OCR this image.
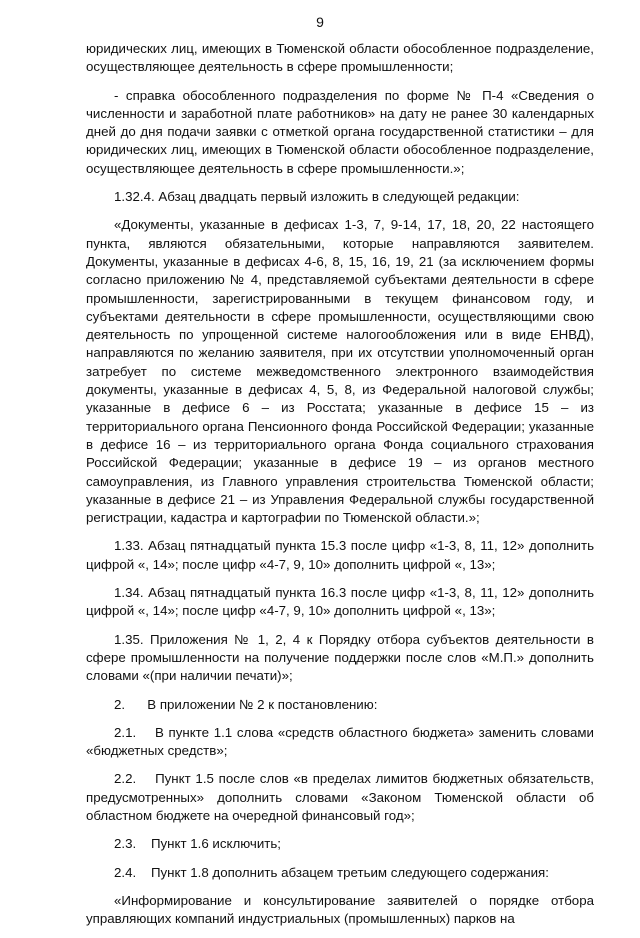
9

юридических лиц, имеющих в Тюменской области обособленное подразделение, осуществляющее деятельность в сфере промышленности;

- справка обособленного подразделения по форме № П-4 «Сведения о численности и заработной плате работников» на дату не ранее 30 календарных дней до дня подачи заявки с отметкой органа государственной статистики – для юридических лиц, имеющих в Тюменской области обособленное подразделение, осуществляющее деятельность в сфере промышленности.»;

1.32.4. Абзац двадцать первый изложить в следующей редакции:

«Документы, указанные в дефисах 1-3, 7, 9-14, 17, 18, 20, 22 настоящего пункта, являются обязательными, которые направляются заявителем. Документы, указанные в дефисах 4-6, 8, 15, 16, 19, 21 (за исключением формы согласно приложению № 4, представляемой субъектами деятельности в сфере промышленности, зарегистрированными в текущем финансовом году, и субъектами деятельности в сфере промышленности, осуществляющими свою деятельность по упрощенной системе налогообложения или в виде ЕНВД), направляются по желанию заявителя, при их отсутствии уполномоченный орган затребует по системе межведомственного электронного взаимодействия документы, указанные в дефисах 4, 5, 8, из Федеральной налоговой службы; указанные в дефисе 6 – из Росстата; указанные в дефисе 15 – из территориального органа Пенсионного фонда Российской Федерации; указанные в дефисе 16 – из территориального органа Фонда социального страхования Российской Федерации; указанные в дефисе 19 – из органов местного самоуправления, из Главного управления строительства Тюменской области; указанные в дефисе 21 – из Управления Федеральной службы государственной регистрации, кадастра и картографии по Тюменской области.»;

1.33. Абзац пятнадцатый пункта 15.3 после цифр «1-3, 8, 11, 12» дополнить цифрой «, 14»; после цифр «4-7, 9, 10» дополнить цифрой «, 13»;

1.34. Абзац пятнадцатый пункта 16.3 после цифр «1-3, 8, 11, 12» дополнить цифрой «, 14»; после цифр «4-7, 9, 10» дополнить цифрой «, 13»;

1.35. Приложения № 1, 2, 4 к Порядку отбора субъектов деятельности в сфере промышленности на получение поддержки после слов «М.П.» дополнить словами «(при наличии печати)»;

2.      В приложении № 2 к постановлению:

2.1.    В пункте 1.1 слова «средств областного бюджета» заменить словами «бюджетных средств»;

2.2.    Пункт 1.5 после слов «в пределах лимитов бюджетных обязательств, предусмотренных» дополнить словами «Законом Тюменской области об областном бюджете на очередной финансовый год»;

2.3.    Пункт 1.6 исключить;

2.4.    Пункт 1.8 дополнить абзацем третьим следующего содержания:

«Информирование и консультирование заявителей о порядке отбора управляющих компаний индустриальных (промышленных) парков на
